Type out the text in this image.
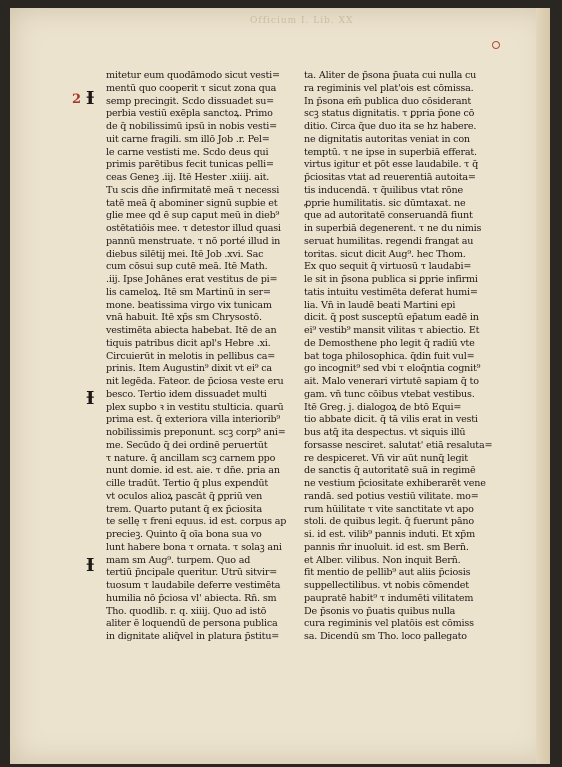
Officium I. Lib. XX
2 Ɨ
Ɨ
Ɨ
mitetur eum quodāmodo sicut vesti=
mentū quo cooperit τ sicut zona qua
semp precingit. Scdo dissuadet su=
perbia vestiū exēpla sanctoꝝ. Primo
de q̄ nobilissimū ipsū in nobis vesti=
uit carne fragili. sm illō Job .r. Pel=
le carne vestisti me. Scdo deus qui
primis parētibus fecit tunicas pelli=
ceas Geneꝫ .iij. Itē Hester .xiiij. ait.
Tu scis dn̄e infirmitatē meā τ necessi
tatē meā q̄ abominer signū supbie et
glie mee qd̄ ē sup caput meū in dieb⁹
ostētatiōis mee. τ detestor illud quasi
pannū menstruate. τ nō porté illud in
diebus silētij mei. Itē Job .xvi. Sac
cum cōsui sup cutē meā. Itē Math.
.iij. Ipse Johānes erat vestitus de pi=
lis cameloꝝ. Itē sm Martinū in ser=
mone. beatissima virgo vix tunicam
vnā habuit. Itē xp̄s sm Chrysostō.
vestimēta abiecta habebat. Itē de an
tiquis patribus dicit apl's Hebre .xi.
Circuierūt in melotis in pellibus ca=
prinis. Item Augustin⁹ dixit vt ei⁹ ca
nit legēda. Fateor. de p̄ciosa veste eru
besco. Tertio idem dissuadet multi
plex supbo ꝛ in vestitu stulticia. quarū
prima est. q̄ exteriora villa interiorib⁹
nobilissimis preponunt. scꝫ corp⁹ ani=
me. Secūdo q̄ dei ordinē peruertūt
τ nature. q̄ ancillam scꝫ carnem ppo
nunt domie. id est. aie. τ dn̄e. pria an
cille tradūt. Tertio q̄ plus expendūt
vt oculos alioꝝ pascāt q̄ ꝑpriū ven
trem. Quarto putant q̄ ex p̄ciosita
te sellę τ freni equus. id est. corpus ap
precieꝫ. Quinto q̄ oīa bona sua vo
lunt habere bona τ ornata. τ solaꝫ ani
mam sm Aug⁹. turpem. Quo ad
tertiū p̄ncipale queritur. Utrū sitvir=
tuosum τ laudabile deferre vestimēta
humilia nō p̄ciosa vl' abiecta. Rn̄. sm
Tho. quodlib. r. q. xiiij. Quo ad istō
aliter ē loquendū de persona publica
in dignitate aliq̄vel in platura p̄stitu=
ta. Aliter de p̄sona p̄uata cui nulla cu
ra regiminis vel plat'ois est cōmissa.
In p̄sona em̄ publica duo cōsiderant
scꝫ status dignitatis. τ ꝑpria p̄one cō
ditio. Circa q̄ue duo ita se hz habere.
ne dignitatis autoritas veniat in con
temptū. τ ne ipse in superbiā efferat.
virtus igitur et pōt esse laudabile. τ q̄
p̄ciositas vtat ad reuerentiā autoita=
tis inducendā. τ q̄uilibus vtat rōne
ꝓprie humilitatis. sic dūmtaxat. ne
que ad autoritatē conseruandā fiunt
in superbiā degenerent. τ ne du nimis
seruat humilitas. regendi frangat au
toritas. sicut dicit Aug⁹. hec Thom.
Ex quo sequit q̄ virtuosū τ laudabi=
le sit in p̄sona publica si ꝑprie infirmi
tatis intuitu vestimēta deferat humi=
lia. Vn̄ in laudē beati Martini epi
dicit. q̄ post susceptū ep̄atum eadē in
ei⁹ vestib⁹ mansit vilitas τ abiectio. Et
de Demosthene pho legit q̄ radiū vte
bat toga philosophica. q̄din fuit vul=
go incognit⁹ sed vbi τ eloq̄ntia cognit⁹
ait. Malo venerari virtutē sapiam q̄ to
gam. vn̄ tunc cōibus vtebat vestibus.
Itē Greg. j. dialogoꝝ de btō Equi=
tio abbate dicit. q̄ tā vilis erat in vesti
bus atq̄ ita despectus. vt siquis illū
forsasse nesciret. salutat' etiā resaluta=
re despiceret. Vn̄ vir aūt nunq̄ legit
de sanctis q̄ autoritatē suā in regimē
ne vestium p̄ciositate exhiberarēt vene
randā. sed potius vestiū vilitate. mo=
rum hūilitate τ vite sanctitate vt apo
stoli. de quibus legit. q̄ fuerunt pāno
si. id est. vilib⁹ pannis induti. Et xp̄m
pannis m̄r inuoluit. id est. sm Bern̄.
et Alber. vilibus. Non inquit Bern̄.
fit mentio de pellib⁹ aut aliis p̄ciosis
suppellectilibus. vt nobis cōmendet
paupratē habit⁹ τ indumēti vilitatem
De p̄sonis vo p̄uatis quibus nulla
cura regiminis vel platōis est cōmiss
sa. Dicendū sm Tho. loco pallegato
